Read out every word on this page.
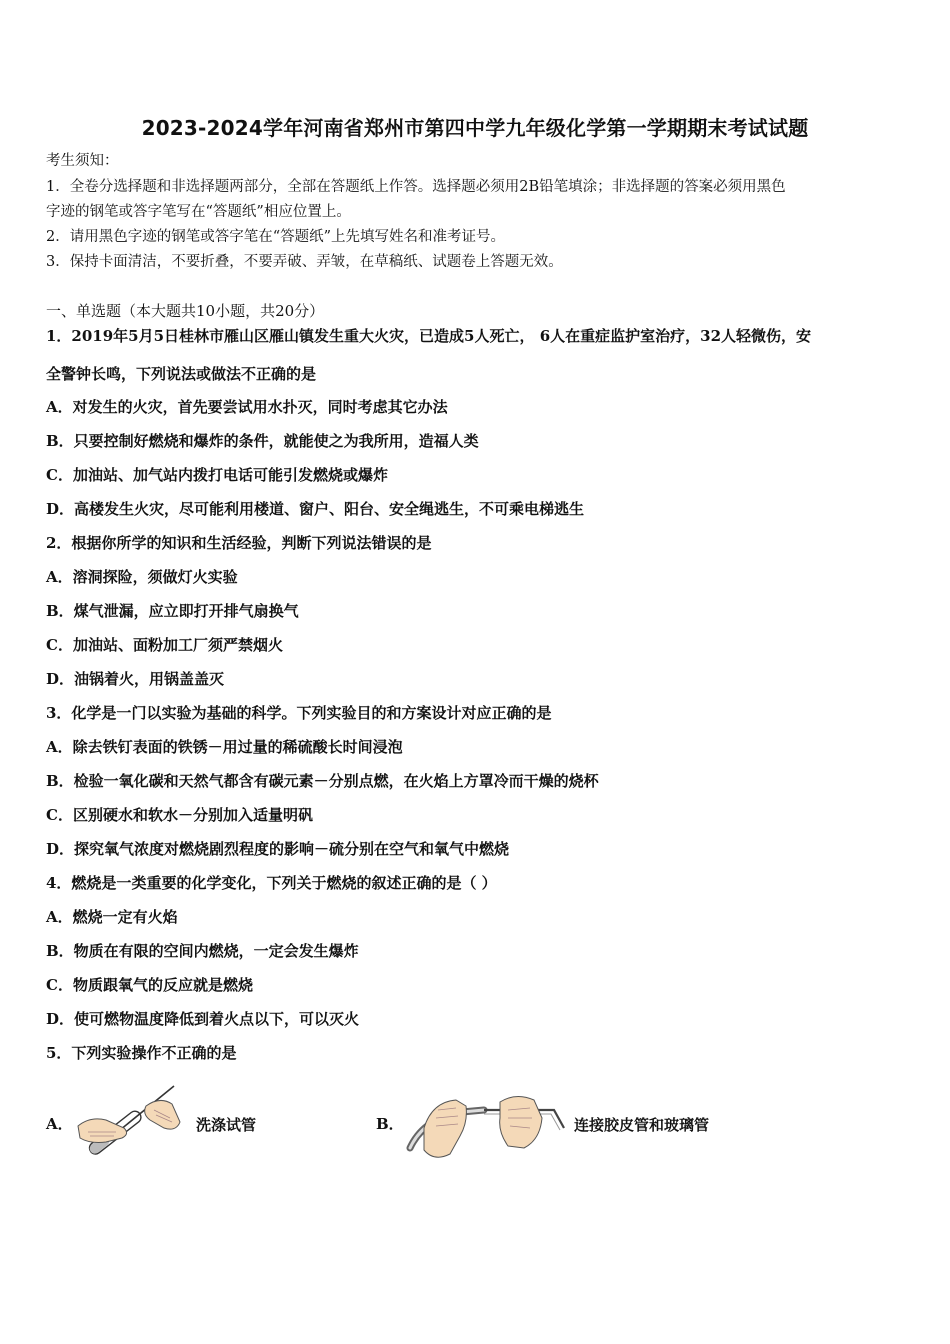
2023-2024学年河南省郑州市第四中学九年级化学第一学期期末考试试题
考生须知：
1．全卷分选择题和非选择题两部分，全部在答题纸上作答。选择题必须用2B铅笔填涂；非选择题的答案必须用黑色
字迹的钢笔或答字笔写在“答题纸”相应位置上。
2．请用黑色字迹的钢笔或答字笔在“答题纸”上先填写姓名和准考证号。
3．保持卡面清洁，不要折叠，不要弄破、弄皱，在草稿纸、试题卷上答题无效。
一、单选题（本大题共10小题，共20分）
1．2019年5月5日桂林市雁山区雁山镇发生重大火灾，已造成5人死亡， 6人在重症监护室治疗，32人轻微伤，安
全警钟长鸣，下列说法或做法不正确的是
A．对发生的火灾，首先要尝试用水扑灭，同时考虑其它办法
B．只要控制好燃烧和爆炸的条件，就能使之为我所用，造福人类
C．加油站、加气站内拨打电话可能引发燃烧或爆炸
D．高楼发生火灾，尽可能利用楼道、窗户、阳台、安全绳逃生，不可乘电梯逃生
2．根据你所学的知识和生活经验，判断下列说法错误的是
A．溶洞探险，须做灯火实验
B．煤气泄漏，应立即打开排气扇换气
C．加油站、面粉加工厂须严禁烟火
D．油锅着火，用锅盖盖灭
3．化学是一门以实验为基础的科学。下列实验目的和方案设计对应正确的是
A．除去铁钉表面的铁锈－用过量的稀硫酸长时间浸泡
B．检验一氧化碳和天然气都含有碳元素－分别点燃，在火焰上方罩冷而干燥的烧杯
C．区别硬水和软水－分别加入适量明矾
D．探究氧气浓度对燃烧剧烈程度的影响－硫分别在空气和氧气中燃烧
4．燃烧是一类重要的化学变化，下列关于燃烧的叙述正确的是（ ）
A．燃烧一定有火焰
B．物质在有限的空间内燃烧，一定会发生爆炸
C．物质跟氧气的反应就是燃烧
D．使可燃物温度降低到着火点以下，可以灭火
5．下列实验操作不正确的是
A．	洗涤试管	B．	连接胶皮管和玻璃管
